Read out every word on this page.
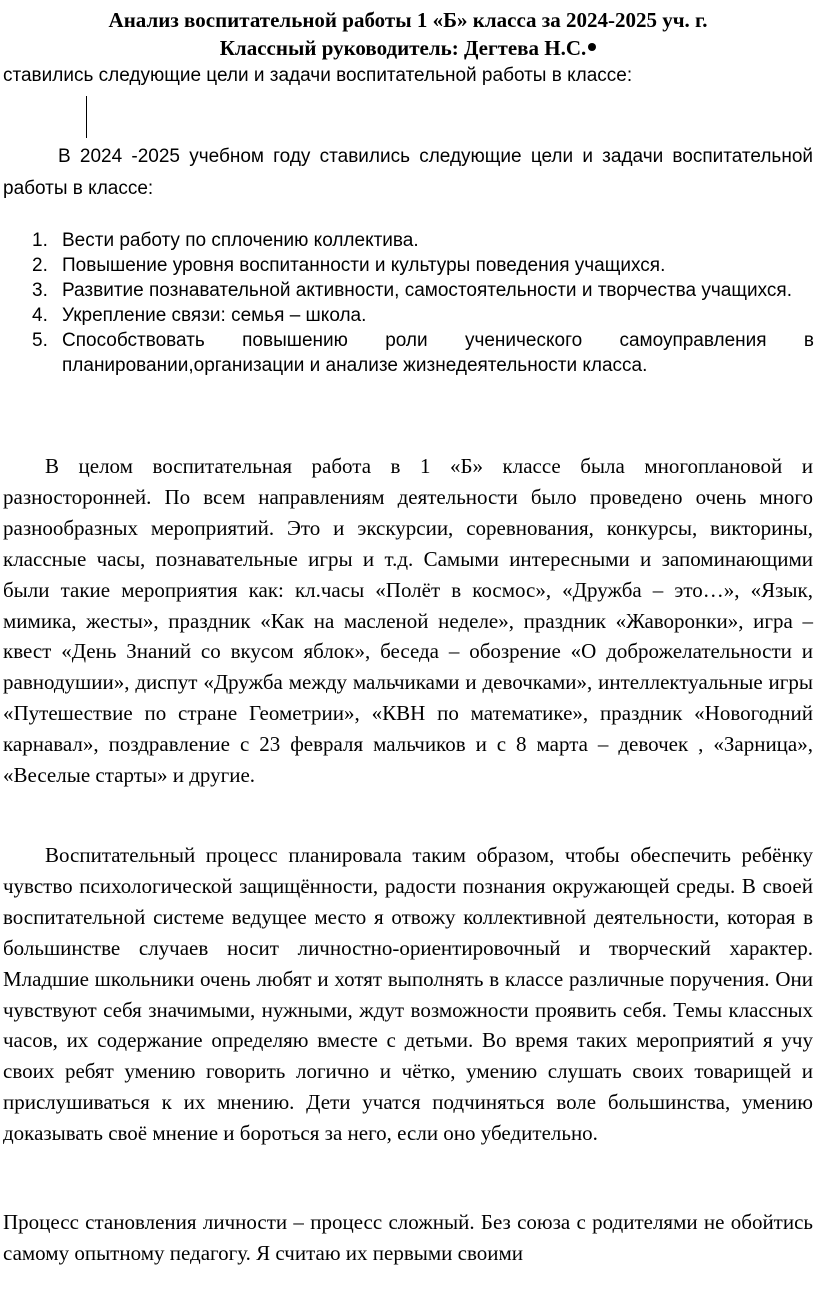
Анализ воспитательной работы 1 «Б» класса за 2024-2025 уч. г.
Классный руководитель: Дегтева Н.С.

ставились следующие цели и задачи воспитательной работы в классе:

В 2024 -2025 учебном году ставились следующие цели и задачи воспитательной работы в классе:

1. Вести работу по сплочению коллектива.
2. Повышение уровня воспитанности и культуры поведения учащихся.
3. Развитие познавательной активности, самостоятельности и творчества учащихся.
4. Укрепление связи: семья – школа.
5. Способствовать повышению роли ученического самоуправления в планировании,организации и анализе жизнедеятельности класса.

В целом воспитательная работа в 1 «Б» классе была многоплановой и разносторонней. По всем направлениям деятельности было проведено очень много разнообразных мероприятий. Это и экскурсии, соревнования, конкурсы, викторины, классные часы, познавательные игры и т.д. Самыми интересными и запоминающими были такие мероприятия как: кл.часы «Полёт в космос», «Дружба – это…», «Язык, мимика, жесты», праздник «Как на масленой неделе», праздник «Жаворонки», игра – квест «День Знаний со вкусом яблок», беседа – обозрение «О доброжелательности и равнодушии», диспут «Дружба между мальчиками и девочками», интеллектуальные игры «Путешествие по стране Геометрии», «КВН по математике», праздник «Новогодний карнавал», поздравление с 23 февраля мальчиков и с 8 марта – девочек , «Зарница», «Веселые старты» и другие.

Воспитательный процесс планировала таким образом, чтобы обеспечить ребёнку чувство психологической защищённости, радости познания окружающей среды. В своей воспитательной системе ведущее место я отвожу коллективной деятельности, которая в большинстве случаев носит личностно-ориентировочный и творческий характер. Младшие школьники очень любят и хотят выполнять в классе различные поручения. Они чувствуют себя значимыми, нужными, ждут возможности проявить себя. Темы классных часов, их содержание определяю вместе с детьми. Во время таких мероприятий я учу своих ребят умению говорить логично и чётко, умению слушать своих товарищей и прислушиваться к их мнению. Дети учатся подчиняться воле большинства, умению доказывать своё мнение и бороться за него, если оно убедительно.

Процесс становления личности – процесс сложный. Без союза с родителями не обойтись самому опытному педагогу. Я считаю их первыми своими
